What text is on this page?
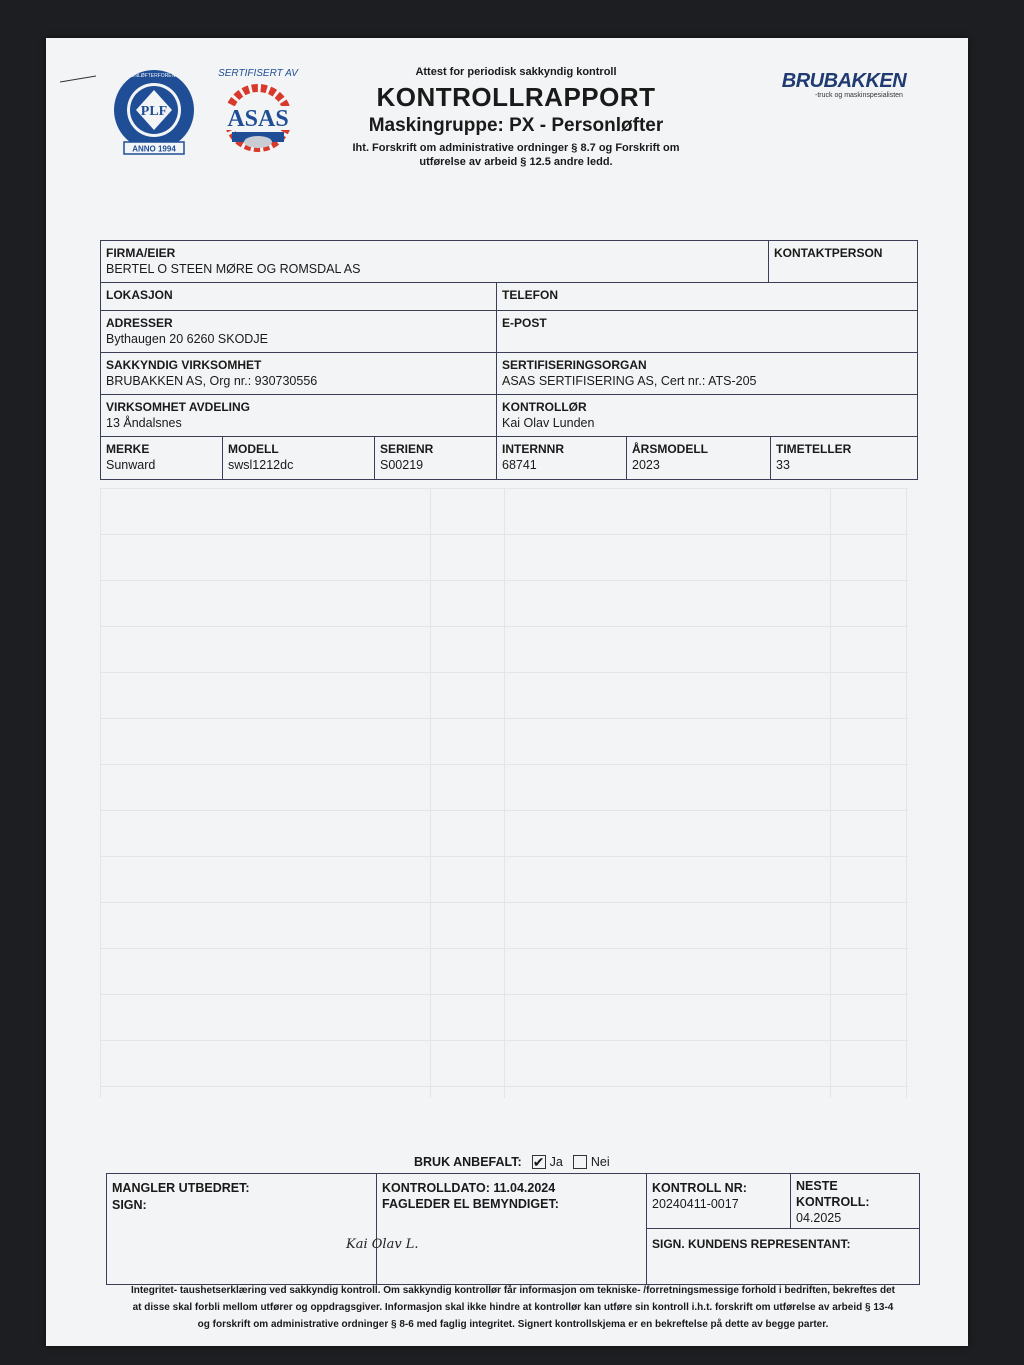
PLF
ANNO 1994
PERSONLØFTERFORENINGEN	SERTIFISERT AV
ASAS
Attest for periodisk sakkyndig kontroll
KONTROLLRAPPORT
Maskingruppe: PX - Personløfter
Iht. Forskrift om administrative ordninger § 8.7 og Forskrift om
utførelse av arbeid § 12.5 andre ledd.
BRUBAKKEN
-truck og maskinspesialisten
FIRMA/EIER
BERTEL O STEEN MØRE OG ROMSDAL AS
KONTAKTPERSON
LOKASJON	TELEFON
ADRESSER
Bythaugen 20 6260 SKODJE
E-POST
SAKKYNDIG VIRKSOMHET
BRUBAKKEN AS, Org nr.: 930730556
SERTIFISERINGSORGAN
ASAS SERTIFISERING AS, Cert nr.: ATS-205
VIRKSOMHET AVDELING
13 Åndalsnes
KONTROLLØR
Kai Olav Lunden
MERKE
Sunward
MODELL
swsl1212dc
SERIENR
S00219
INTERNNR
68741
ÅRSMODELL
2023
TIMETELLER
33
BRUK ANBEFALT: ✔ Ja Nei
MANGLER UTBEDRET:
SIGN:
KONTROLLDATO: 11.04.2024
FAGLEDER EL BEMYNDIGET:
KONTROLL NR:
20240411-0017
NESTE KONTROLL:
04.2025
SIGN. KUNDENS REPRESENTANT:
Kai Olav L.
Integritet- taushetserklæring ved sakkyndig kontroll. Om sakkyndig kontrollør får informasjon om tekniske- /forretningsmessige forhold i bedriften, bekreftes det
at disse skal forbli mellom utfører og oppdragsgiver. Informasjon skal ikke hindre at kontrollør kan utføre sin kontroll i.h.t. forskrift om utførelse av arbeid § 13-4
og forskrift om administrative ordninger § 8-6 med faglig integritet. Signert kontrollskjema er en bekreftelse på dette av begge parter.
